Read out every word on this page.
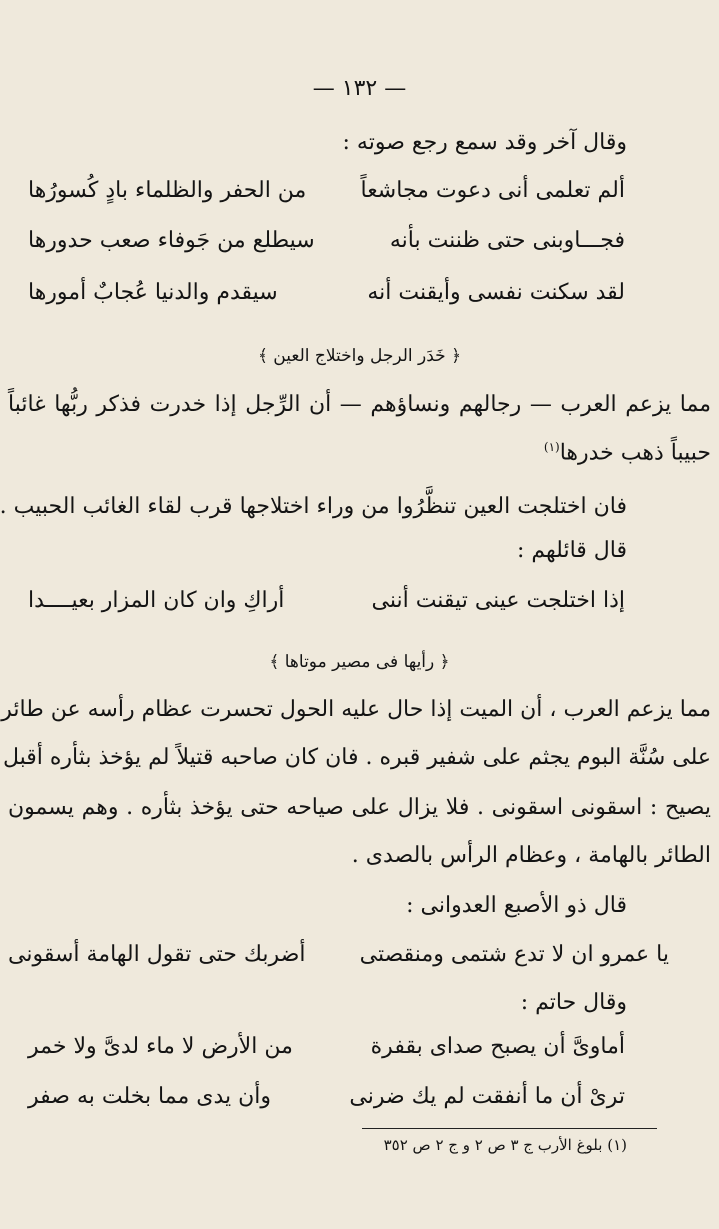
— ١٣٢ —
وقال آخر وقد سمع رجع صوته :
ألم تعلمى أنى دعوت مجاشعاً
من الحفر والظلماء بادٍ كُسورُها
فجـــاوبنى حتى ظننت بأنه
سيطلع من جَوفاء صعب حدورها
لقد سكنت نفسى وأيقنت أنه
سيقدم والدنيا عُجابٌ أمورها
﴿ خَدَر الرجل واختلاج العين ﴾
مما يزعم العرب — رجالهم ونساؤهم — أن الرِّجل إذا خدرت فذكر ربُّها غائباً
حبيباً ذهب خدرها$^{(١)}$
فان اختلجت العين تنظَّرُوا من وراء اختلاجها قرب لقاء الغائب الحبيب .
قال قائلهم :
إذا اختلجت عينى تيقنت أننى
أراكِ وان كان المزار بعيــــدا
﴿ رأيها فى مصير موتاها ﴾
مما يزعم العرب ، أن الميت إذا حال عليه الحول تحسرت عظام رأسه عن طائر
على سُنَّة البوم يجثم على شفير قبره . فان كان صاحبه قتيلاً لم يؤخذ بثأره أقبل
يصيح : اسقونى اسقونى . فلا يزال على صياحه حتى يؤخذ بثأره . وهم يسمون
الطائر بالهامة ، وعظام الرأس بالصدى .
قال ذو الأصبع العدوانى :
يا عمرو ان لا تدع شتمى ومنقصتى
أضربك حتى تقول الهامة أسقونى
وقال حاتم :
أماوىَّ أن يصبح صداى بقفرة
من الأرض لا ماء لدىَّ ولا خمر
ترىْ أن ما أنفقت لم يك ضرنى
وأن يدى مما بخلت به صفر
(١) بلوغ الأرب ج ٣ ص ٢ و ج ٢ ص ٣٥٢
